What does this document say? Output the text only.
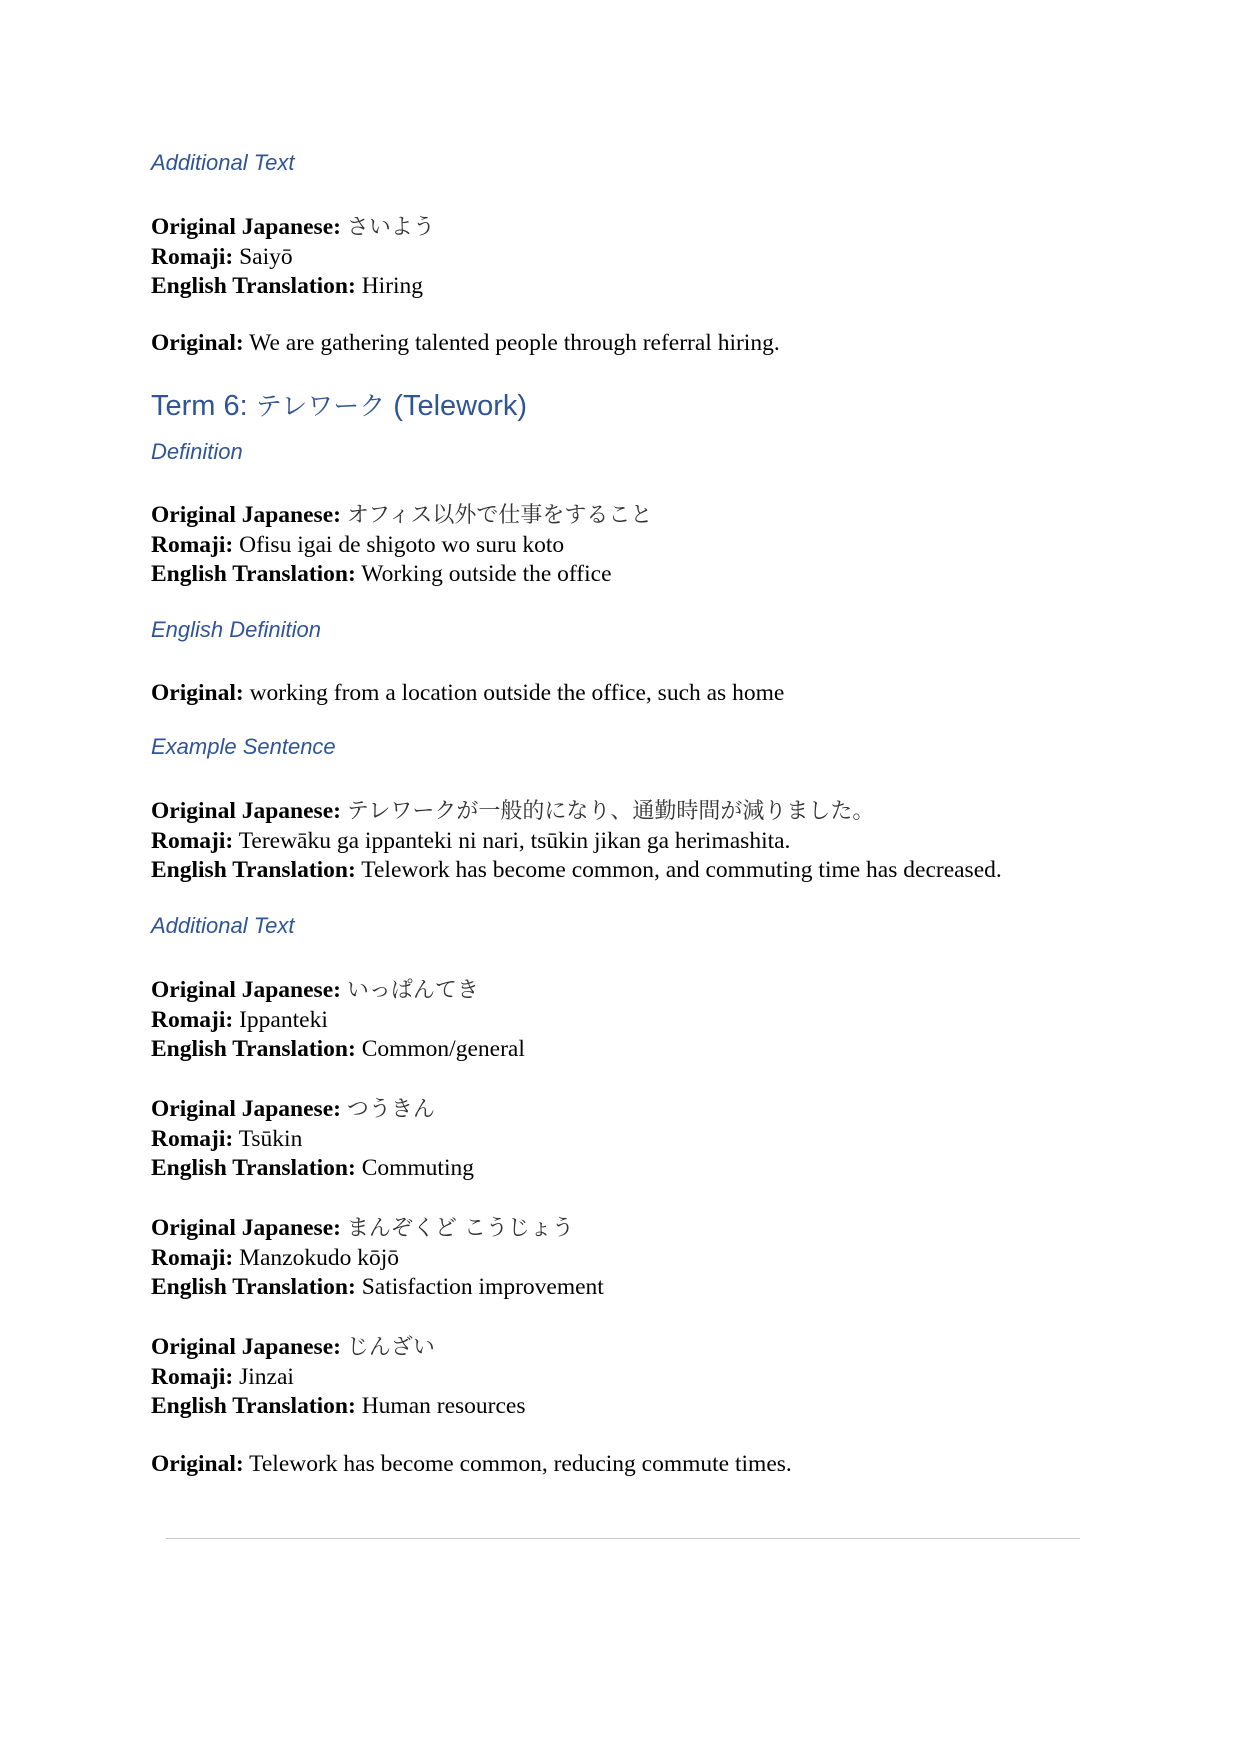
Additional Text
Original Japanese: さいよう
Romaji: Saiyō
English Translation: Hiring
Original: We are gathering talented people through referral hiring.
Term 6: テレワーク (Telework)
Definition
Original Japanese: オフィス以外で仕事をすること
Romaji: Ofisu igai de shigoto wo suru koto
English Translation: Working outside the office
English Definition
Original: working from a location outside the office, such as home
Example Sentence
Original Japanese: テレワークが一般的になり、通勤時間が減りました。
Romaji: Terewāku ga ippanteki ni nari, tsūkin jikan ga herimashita.
English Translation: Telework has become common, and commuting time has decreased.
Additional Text
Original Japanese: いっぱんてき
Romaji: Ippanteki
English Translation: Common/general
Original Japanese: つうきん
Romaji: Tsūkin
English Translation: Commuting
Original Japanese: まんぞくど こうじょう
Romaji: Manzokudo kōjō
English Translation: Satisfaction improvement
Original Japanese: じんざい
Romaji: Jinzai
English Translation: Human resources
Original: Telework has become common, reducing commute times.
